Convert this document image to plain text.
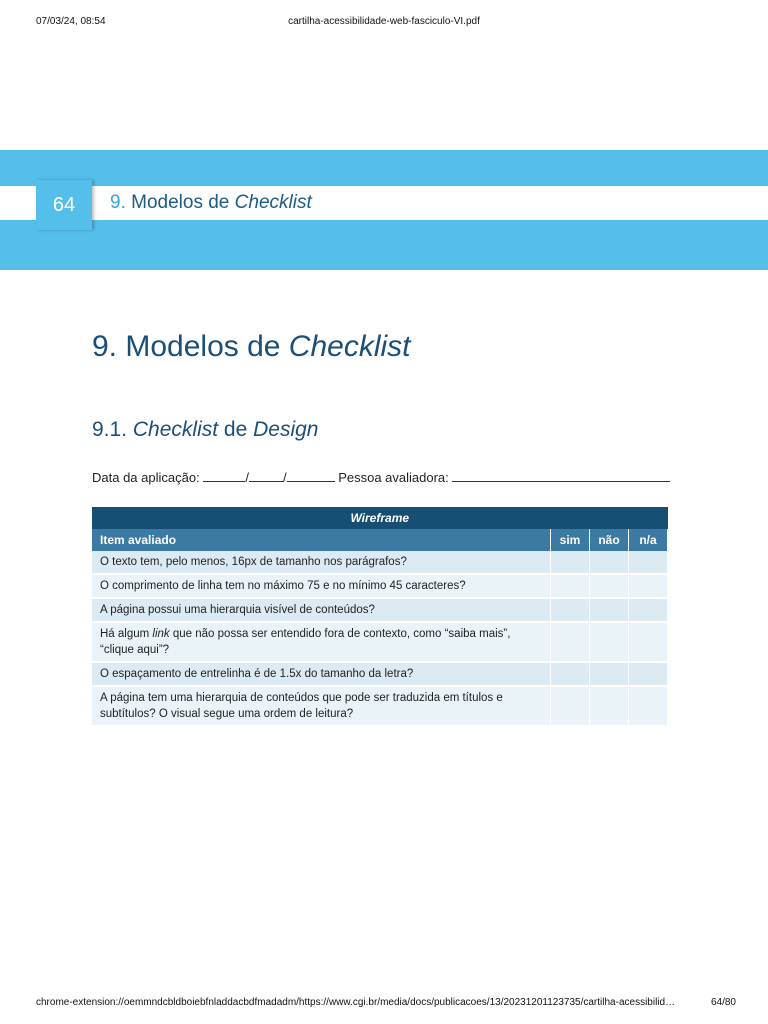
07/03/24, 08:54	cartilha-acessibilidade-web-fasciculo-VI.pdf
64 9. Modelos de Checklist
9. Modelos de Checklist
9.1. Checklist de Design
Data da aplicação:	/	/	Pessoa avaliadora:
Wireframe			
Item avaliado	sim	não	n/a
O texto tem, pelo menos, 16px de tamanho nos parágrafos?			
O comprimento de linha tem no máximo 75 e no mínimo 45 caracteres?			
A página possui uma hierarquia visível de conteúdos?			
Há algum link que não possa ser entendido fora de contexto, como “saiba mais”, “clique aqui”?			
O espaçamento de entrelinha é de 1.5x do tamanho da letra?			
A página tem uma hierarquia de conteúdos que pode ser traduzida em títulos e subtítulos? O visual segue uma ordem de leitura?			
chrome-extension://oemmndcbldboiebfnladdacbdfmadadm/https://www.cgi.br/media/docs/publicacoes/13/20231201123735/cartilha-acessibilid…	64/80
